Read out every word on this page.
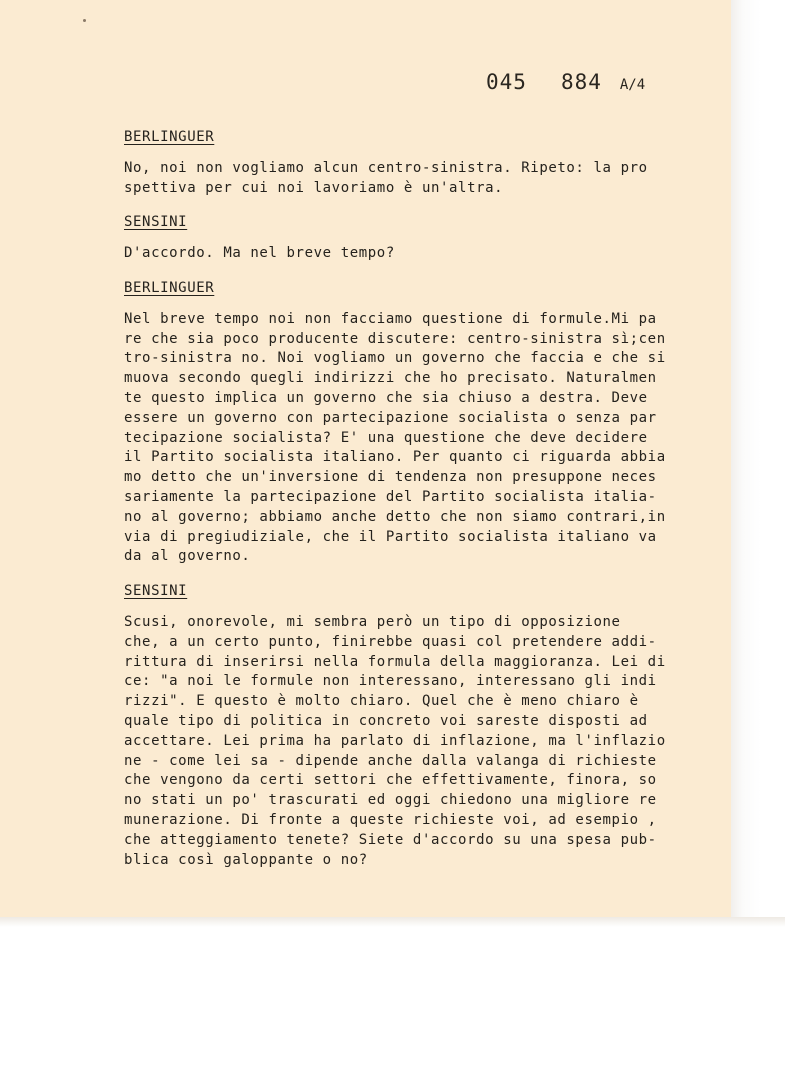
045 884 A/4
BERLINGUER
No, noi non vogliamo alcun centro-sinistra. Ripeto: la pro
spettiva per cui noi lavoriamo è un'altra.
SENSINI
D'accordo. Ma nel breve tempo?
BERLINGUER
Nel breve tempo noi non facciamo questione di formule.Mi pa
re che sia poco producente discutere: centro-sinistra sì;cen
tro-sinistra no. Noi vogliamo un governo che faccia e che si
muova secondo quegli indirizzi che ho precisato. Naturalmen
te questo implica un governo che sia chiuso a destra. Deve
essere un governo con partecipazione socialista o senza par
tecipazione socialista? E' una questione che deve decidere
il Partito socialista italiano. Per quanto ci riguarda abbia
mo detto che un'inversione di tendenza non presuppone neces
sariamente la partecipazione del Partito socialista italia-
no al governo; abbiamo anche detto che non siamo contrari,in
via di pregiudiziale, che il Partito socialista italiano va
da al governo.
SENSINI
Scusi, onorevole, mi sembra però un tipo di opposizione
che, a un certo punto, finirebbe quasi col pretendere addi-
rittura di inserirsi nella formula della maggioranza. Lei di
ce: "a noi le formule non interessano, interessano gli indi
rizzi". E questo è molto chiaro. Quel che è meno chiaro è
quale tipo di politica in concreto voi sareste disposti ad
accettare. Lei prima ha parlato di inflazione, ma l'inflazio
ne - come lei sa - dipende anche dalla valanga di richieste
che vengono da certi settori che effettivamente, finora, so
no stati un po' trascurati ed oggi chiedono una migliore re
munerazione. Di fronte a queste richieste voi, ad esempio ,
che atteggiamento tenete? Siete d'accordo su una spesa pub-
blica così galoppante o no?
